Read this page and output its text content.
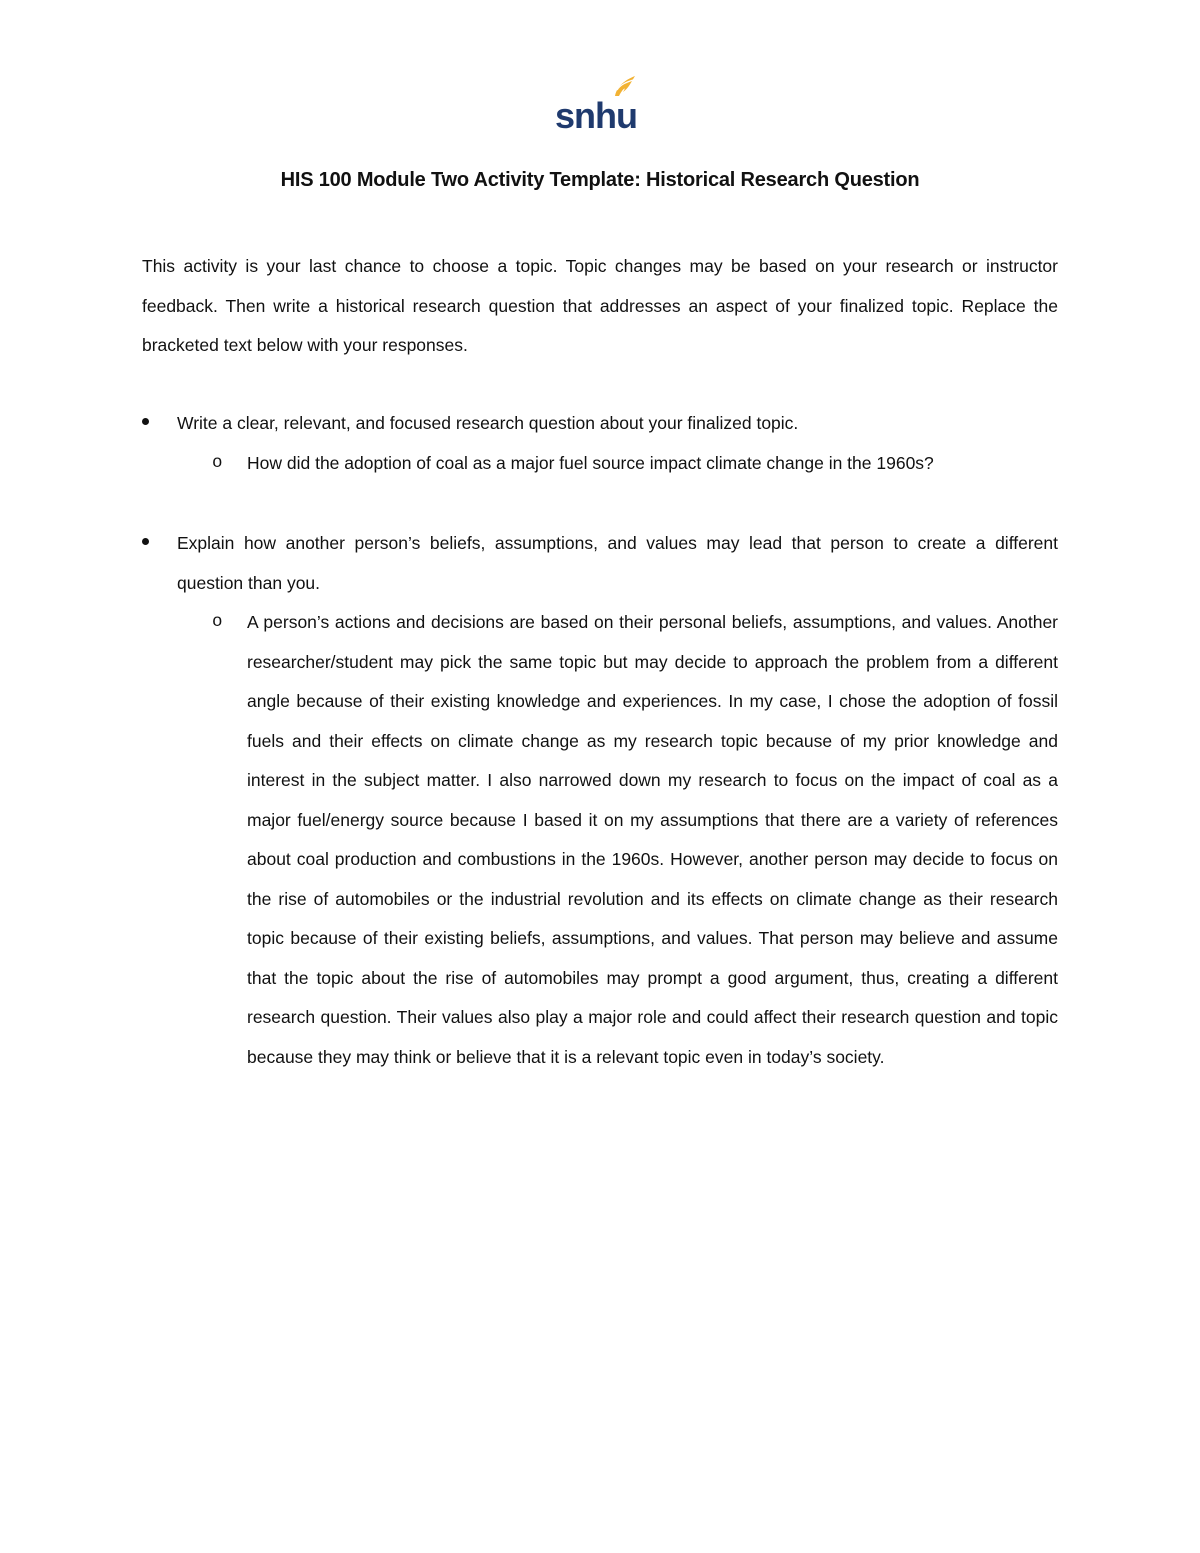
snhu
HIS 100 Module Two Activity Template: Historical Research Question
This activity is your last chance to choose a topic. Topic changes may be based on your research or instructor feedback. Then write a historical research question that addresses an aspect of your finalized topic. Replace the bracketed text below with your responses.
Write a clear, relevant, and focused research question about your finalized topic.
o How did the adoption of coal as a major fuel source impact climate change in the 1960s?
Explain how another person’s beliefs, assumptions, and values may lead that person to create a different question than you.
o A person’s actions and decisions are based on their personal beliefs, assumptions, and values. Another researcher/student may pick the same topic but may decide to approach the problem from a different angle because of their existing knowledge and experiences. In my case, I chose the adoption of fossil fuels and their effects on climate change as my research topic because of my prior knowledge and interest in the subject matter. I also narrowed down my research to focus on the impact of coal as a major fuel/energy source because I based it on my assumptions that there are a variety of references about coal production and combustions in the 1960s. However, another person may decide to focus on the rise of automobiles or the industrial revolution and its effects on climate change as their research topic because of their existing beliefs, assumptions, and values. That person may believe and assume that the topic about the rise of automobiles may prompt a good argument, thus, creating a different research question. Their values also play a major role and could affect their research question and topic because they may think or believe that it is a relevant topic even in today’s society.
